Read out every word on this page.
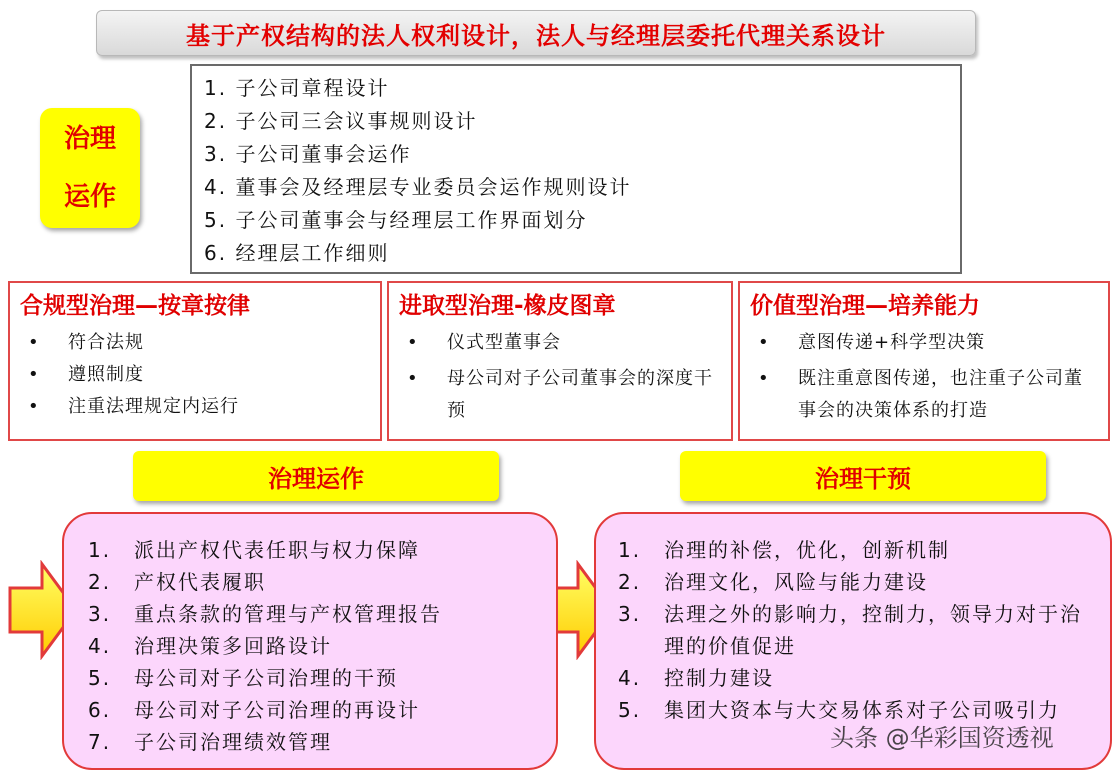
基于产权结构的法人权利设计，法人与经理层委托代理关系设计
治理
运作
1. 子公司章程设计
2. 子公司三会议事规则设计
3. 子公司董事会运作
4. 董事会及经理层专业委员会运作规则设计
5. 子公司董事会与经理层工作界面划分
6. 经理层工作细则
合规型治理—按章按律
• 符合法规
• 遵照制度
• 注重法理规定内运行
进取型治理-橡皮图章
• 仪式型董事会
• 母公司对子公司董事会的深度干预
价值型治理—培养能力
• 意图传递+科学型决策
• 既注重意图传递，也注重子公司董事会的决策体系的打造
治理运作	治理干预
1.	派出产权代表任职与权力保障
2.	产权代表履职
3.	重点条款的管理与产权管理报告
4.	治理决策多回路设计
5.	母公司对子公司治理的干预
6.	母公司对子公司治理的再设计
7.	子公司治理绩效管理
1.	治理的补偿，优化，创新机制
2.	治理文化，风险与能力建设
3.	法理之外的影响力，控制力，领导力对于治理的价值促进
4.	控制力建设
5.	集团大资本与大交易体系对子公司吸引力
头条 @华彩国资透视
